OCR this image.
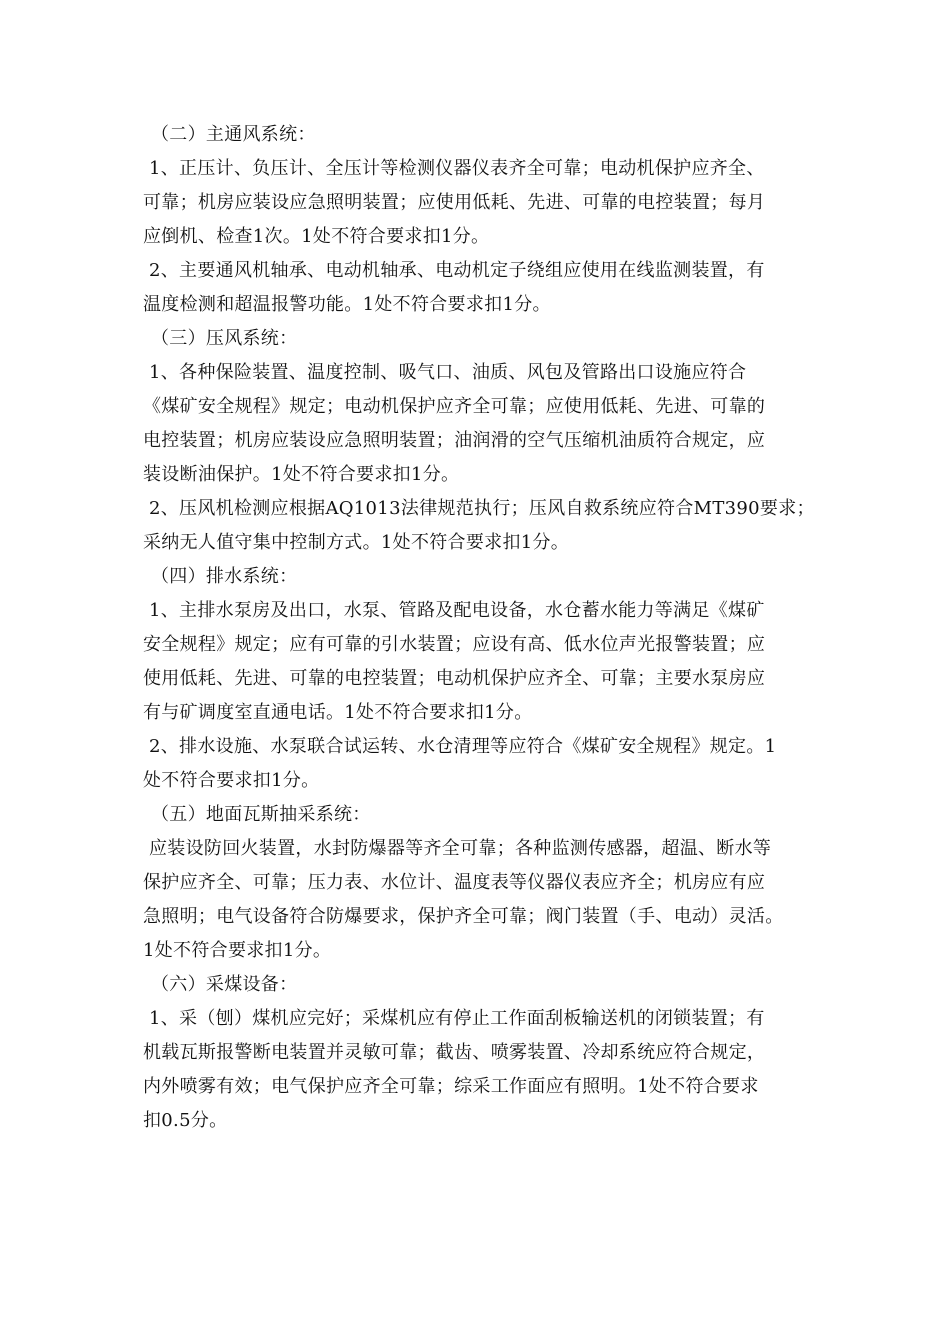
（二）主通风系统：
1、正压计、负压计、全压计等检测仪器仪表齐全可靠；电动机保护应齐全、
可靠；机房应装设应急照明装置；应使用低耗、先进、可靠的电控装置；每月
应倒机、检查1次。1处不符合要求扣1分。
2、主要通风机轴承、电动机轴承、电动机定子绕组应使用在线监测装置，有
温度检测和超温报警功能。1处不符合要求扣1分。
（三）压风系统：
1、各种保险装置、温度控制、吸气口、油质、风包及管路出口设施应符合
《煤矿安全规程》规定；电动机保护应齐全可靠；应使用低耗、先进、可靠的
电控装置；机房应装设应急照明装置；油润滑的空气压缩机油质符合规定，应
装设断油保护。1处不符合要求扣1分。
2、压风机检测应根据AQ1013法律规范执行；压风自救系统应符合MT390要求；
采纳无人值守集中控制方式。1处不符合要求扣1分。
（四）排水系统：
1、主排水泵房及出口，水泵、管路及配电设备，水仓蓄水能力等满足《煤矿
安全规程》规定；应有可靠的引水装置；应设有高、低水位声光报警装置；应
使用低耗、先进、可靠的电控装置；电动机保护应齐全、可靠；主要水泵房应
有与矿调度室直通电话。1处不符合要求扣1分。
2、排水设施、水泵联合试运转、水仓清理等应符合《煤矿安全规程》规定。1
处不符合要求扣1分。
（五）地面瓦斯抽采系统：
应装设防回火装置，水封防爆器等齐全可靠；各种监测传感器，超温、断水等
保护应齐全、可靠；压力表、水位计、温度表等仪器仪表应齐全；机房应有应
急照明；电气设备符合防爆要求，保护齐全可靠；阀门装置（手、电动）灵活。
1处不符合要求扣1分。
（六）采煤设备：
1、采（刨）煤机应完好；采煤机应有停止工作面刮板输送机的闭锁装置；有
机载瓦斯报警断电装置并灵敏可靠；截齿、喷雾装置、冷却系统应符合规定，
内外喷雾有效；电气保护应齐全可靠；综采工作面应有照明。1处不符合要求
扣0.5分。
